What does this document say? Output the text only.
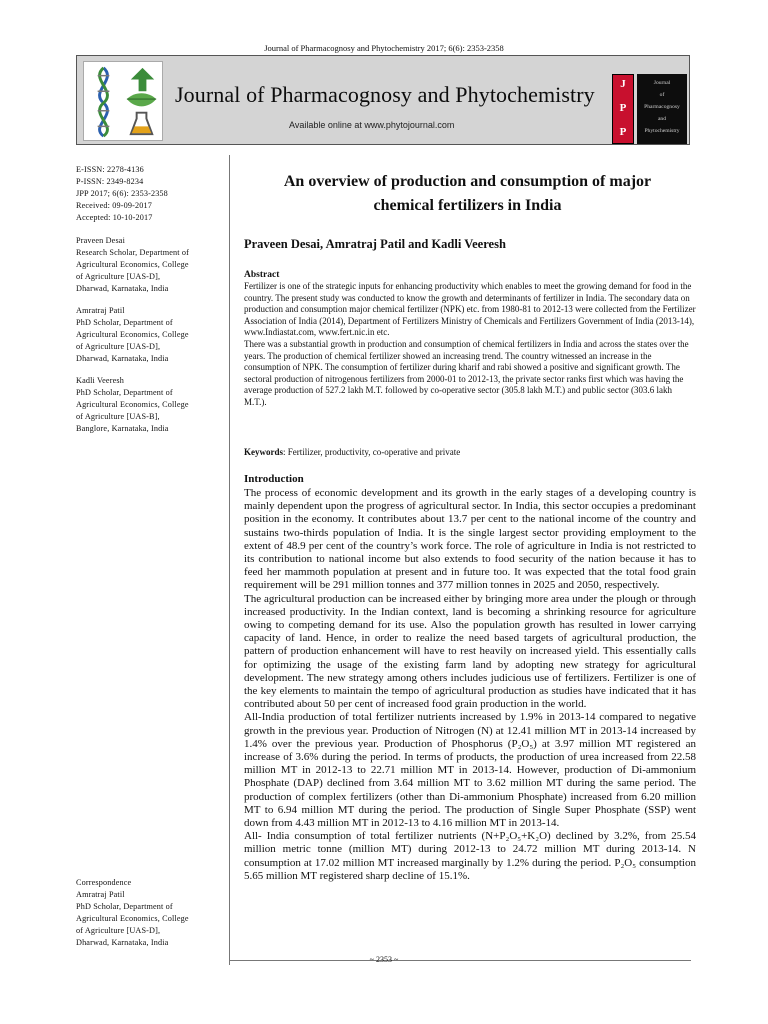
Journal of Pharmacognosy and Phytochemistry 2017; 6(6): 2353-2358
Journal of Pharmacognosy and Phytochemistry
Available online at www.phytojournal.com
J
P
P
Journal
of
Pharmacognosy
and
Phytochemistry
E-ISSN: 2278-4136
P-ISSN: 2349-8234
JPP 2017; 6(6): 2353-2358
Received: 09-09-2017
Accepted: 10-10-2017
Praveen Desai
Research Scholar, Department of
Agricultural Economics, College
of Agriculture [UAS-D],
Dharwad, Karnataka, India
Amratraj Patil
PhD Scholar, Department of
Agricultural Economics, College
of Agriculture [UAS-D],
Dharwad, Karnataka, India
Kadli Veeresh
PhD Scholar, Department of
Agricultural Economics, College
of Agriculture [UAS-B],
Banglore, Karnataka, India
Correspondence
Amratraj Patil
PhD Scholar, Department of
Agricultural Economics, College
of Agriculture [UAS-D],
Dharwad, Karnataka, India
An overview of production and consumption of major
chemical fertilizers in India
Praveen Desai, Amratraj Patil and Kadli Veeresh
Abstract

Fertilizer is one of the strategic inputs for enhancing productivity which enables to meet the growing demand for food in the country. The present study was conducted to know the growth and determinants of fertilizer in India. The secondary data on production and consumption major chemical fertilizer (NPK) etc. from 1980-81 to 2012-13 were collected from the Fertilizer Association of India (2014), Department of Fertilizers Ministry of Chemicals and Fertilizers Government of India (2013-14), www.Indiastat.com, www.fert.nic.in etc.

There was a substantial growth in production and consumption of chemical fertilizers in India and across the states over the years. The production of chemical fertilizer showed an increasing trend. The country witnessed an increase in the consumption of NPK. The consumption of fertilizer during kharif and rabi showed a positive and significant growth. The sectoral production of nitrogenous fertilizers from 2000-01 to 2012-13, the private sector ranks first which was having the average production of 527.2 lakh M.T. followed by co-operative sector (305.8 lakh M.T.) and public sector (303.6 lakh M.T.).

Keywords: Fertilizer, productivity, co-operative and private
Introduction

The process of economic development and its growth in the early stages of a developing country is mainly dependent upon the progress of agricultural sector. In India, this sector occupies a predominant position in the economy. It contributes about 13.7 per cent to the national income of the country and sustains two-thirds population of India. It is the single largest sector providing employment to the extent of 48.9 per cent of the country’s work force. The role of agriculture in India is not restricted to its contribution to national income but also extends to food security of the nation because it has to feed her mammoth population at present and in future too. It was expected that the total food grain requirement will be 291 million tonnes and 377 million tonnes in 2025 and 2050, respectively.

The agricultural production can be increased either by bringing more area under the plough or through increased productivity. In the Indian context, land is becoming a shrinking resource for agriculture owing to competing demand for its use. Also the population growth has resulted in lower carrying capacity of land. Hence, in order to realize the need based targets of agricultural production, the pattern of production enhancement will have to rest heavily on increased yield. This essentially calls for optimizing the usage of the existing farm land by adopting new strategy for agricultural development. The new strategy among others includes judicious use of fertilizers. Fertilizer is one of the key elements to maintain the tempo of agricultural production as studies have indicated that it has contributed about 50 per cent of increased food grain production in the world.

All-India production of total fertilizer nutrients increased by 1.9% in 2013-14 compared to negative growth in the previous year. Production of Nitrogen (N) at 12.41 million MT in 2013-14 increased by 1.4% over the previous year. Production of Phosphorus (P₂O₅) at 3.97 million MT registered an increase of 3.6% during the period. In terms of products, the production of urea increased from 22.58 million MT in 2012-13 to 22.71 million MT in 2013-14. However, production of Di-ammonium Phosphate (DAP) declined from 3.64 million MT to 3.62 million MT during the same period. The production of complex fertilizers (other than Di-ammonium Phosphate) increased from 6.20 million MT to 6.94 million MT during the period. The production of Single Super Phosphate (SSP) went down from 4.43 million MT in 2012-13 to 4.16 million MT in 2013-14.

All- India consumption of total fertilizer nutrients (N+P₂O₅+K₂O) declined by 3.2%, from 25.54 million metric tonne (million MT) during 2012-13 to 24.72 million MT during 2013-14. N consumption at 17.02 million MT increased marginally by 1.2% during the period. P₂O₅ consumption 5.65 million MT registered sharp decline of 15.1%.

~ 2353 ~
